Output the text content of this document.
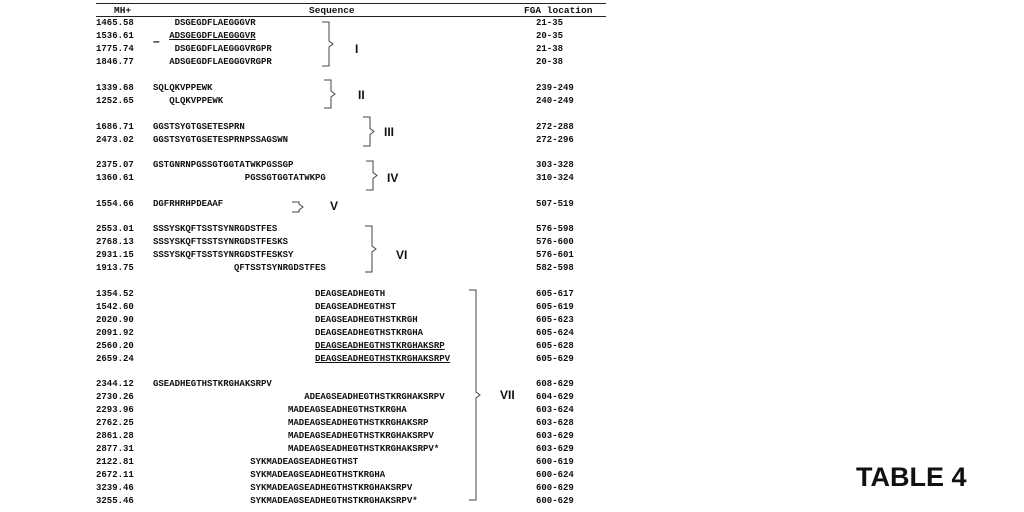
MH+	Sequence	FGA location
1465.58	DSGEGDFLAEGGGVR	21-35
1536.61	ADSGEGDFLAEGGGVR	20-35
1775.74	DSGEGDFLAEGGGVRGPR	21-38
1846.77	ADSGEGDFLAEGGGVRGPR	20-38
1339.68 SQLQKVPPEWK	239-249
1252.65	QLQKVPPEWK	240-249
1686.71 GGSTSYGTGSETESPRN	272-288
2473.02 GGSTSYGTGSETESPRNPSSAGSWN	272-296
2375.07 GSTGNRNPGSSGTGGTATWKPGSSGP	303-328
1360.61	PGSSGTGGTATWKPG	310-324
1554.66 DGFRHRHPDEAAF	507-519
2553.01 SSSYSKQFTSSTSYNRGDSTFES	576-598
2768.13 SSSYSKQFTSSTSYNRGDSTFESKS	576-600
2931.15 SSSYSKQFTSSTSYNRGDSTFESKSY	576-601
1913.75	QFTSSTSYNRGDSTFES	582-598
1354.52	DEAGSEADHEGTH	605-617
1542.60	DEAGSEADHEGTHST	605-619
2020.90	DEAGSEADHEGTHSTKRGH	605-623
2091.92	DEAGSEADHEGTHSTKRGHA	605-624
2560.20	DEAGSEADHEGTHSTKRGHAKSRP	605-628
2659.24	DEAGSEADHEGTHSTKRGHAKSRPV	605-629
2344.12 GSEADHEGTHSTKRGHAKSRPV	608-629
2730.26	ADEAGSEADHEGTHSTKRGHAKSRPV	604-629
2293.96	MADEAGSEADHEGTHSTKRGHA	603-624
2762.25	MADEAGSEADHEGTHSTKRGHAKSRP	603-628
2861.28	MADEAGSEADHEGTHSTKRGHAKSRPV	603-629
2877.31	MADEAGSEADHEGTHSTKRGHAKSRPV*	603-629
2122.81	SYKMADEAGSEADHEGTHST	600-619
2672.11	SYKMADEAGSEADHEGTHSTKRGHA	600-624
3239.46	SYKMADEAGSEADHEGTHSTKRGHAKSRPV	600-629
3255.46	SYKMADEAGSEADHEGTHSTKRGHAKSRPV*	600-629
–
I
II
III
IV
V
VI
VII
TABLE 4
